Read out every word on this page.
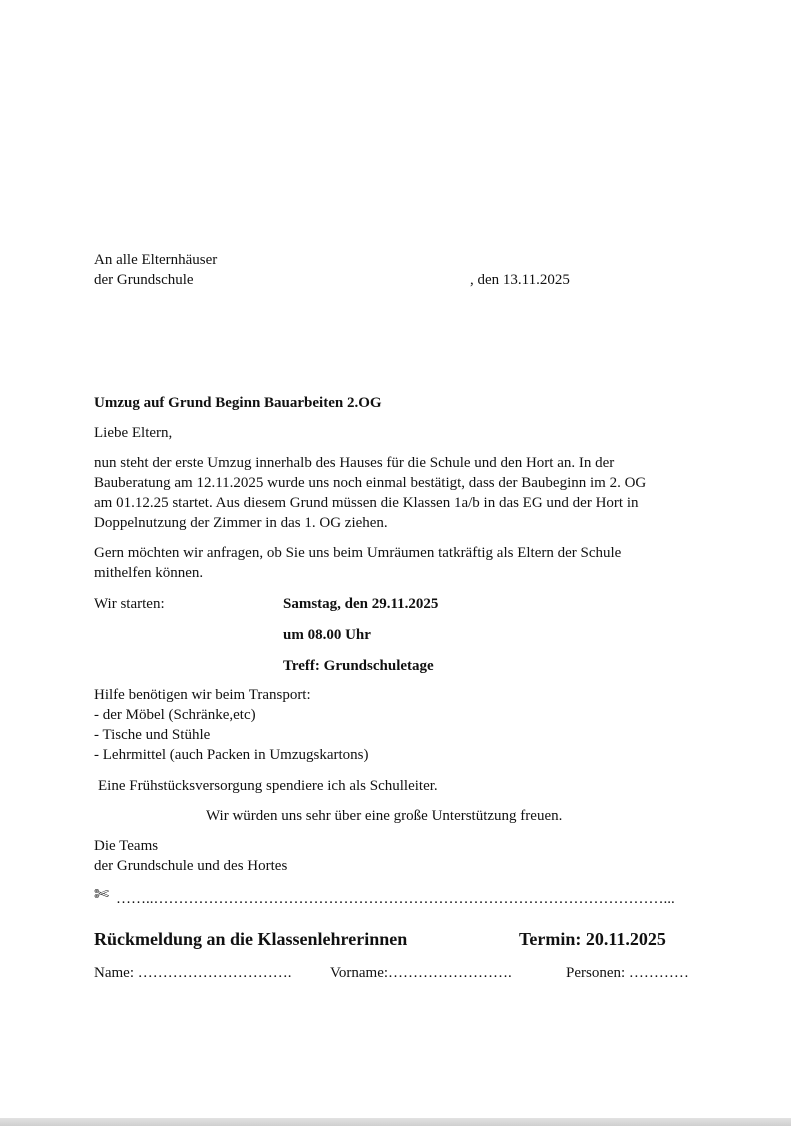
An alle Elternhäuser
der Grundschule	, den 13.11.2025
Umzug auf Grund Beginn Bauarbeiten 2.OG
Liebe Eltern,
nun steht der erste Umzug innerhalb des Hauses für die Schule und den Hort an. In der
Bauberatung am 12.11.2025 wurde uns noch einmal bestätigt, dass der Baubeginn im 2. OG
am 01.12.25 startet. Aus diesem Grund müssen die Klassen 1a/b in das EG und der Hort in
Doppelnutzung der Zimmer in das 1. OG ziehen.
Gern möchten wir anfragen, ob Sie uns beim Umräumen tatkräftig als Eltern der Schule
mithelfen können.
Wir starten:	Samstag, den 29.11.2025
um 08.00 Uhr
Treff: Grundschuletage
Hilfe benötigen wir beim Transport:
- der Möbel (Schränke,etc)
- Tische und Stühle
- Lehrmittel (auch Packen in Umzugskartons)
Eine Frühstücksversorgung spendiere ich als Schulleiter.
Wir würden uns sehr über eine große Unterstützung freuen.
Die Teams
der Grundschule und des Hortes
✄ ……..…………………………………………………………………………………………...
Rückmeldung an die Klassenlehrerinnen	Termin: 20.11.2025
Name: ………………………….	Vorname:…………………….	Personen: …………
